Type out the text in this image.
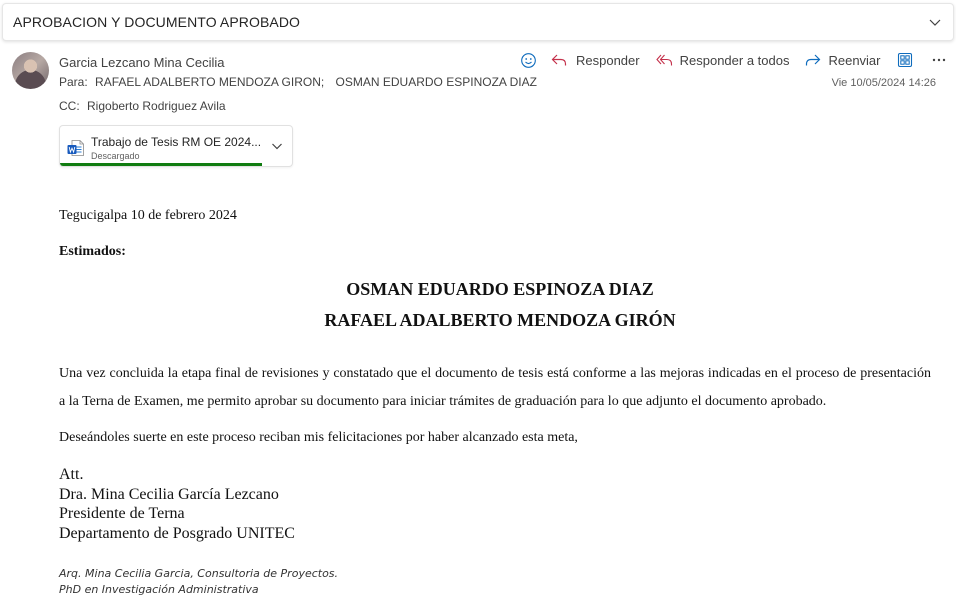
APROBACION Y DOCUMENTO APROBADO
Garcia Lezcano Mina Cecilia
Para: RAFAEL ADALBERTO MENDOZA GIRON; OSMAN EDUARDO ESPINOZA DIAZ
CC: Rigoberto Rodriguez Avila
Responder	Responder a todos	Reenviar
Vie 10/05/2024 14:26
Trabajo de Tesis RM OE 2024...
Descargado
Tegucigalpa 10 de febrero 2024
Estimados:
OSMAN EDUARDO ESPINOZA DIAZ
RAFAEL ADALBERTO MENDOZA GIRÓN
Una vez concluida la etapa final de revisiones y constatado que el documento de tesis está conforme a las mejoras indicadas en el proceso de presentación a la Terna de Examen, me permito aprobar su documento para iniciar trámites de graduación para lo que adjunto el documento aprobado.
Deseándoles suerte en este proceso reciban mis felicitaciones por haber alcanzado esta meta,
Att.
Dra. Mina Cecilia García Lezcano
Presidente de Terna
Departamento de Posgrado UNITEC
Arq. Mina Cecilia Garcia, Consultoria de Proyectos.
PhD en Investigación Administrativa
